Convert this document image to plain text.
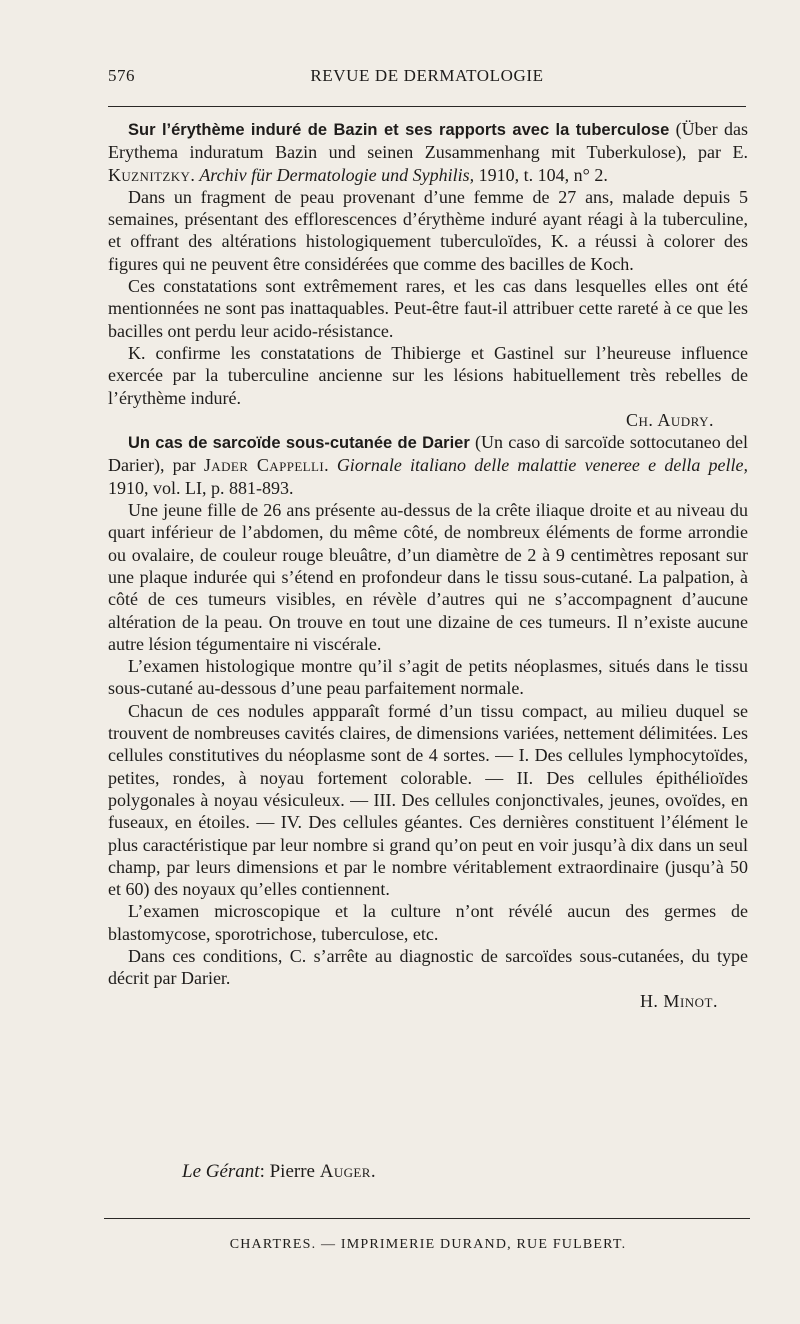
576	REVUE DE DERMATOLOGIE

Sur l’érythème induré de Bazin et ses rapports avec la tuberculose (Über das Erythema induratum Bazin und seinen Zusammenhang mit Tuberkulose), par E. Kuznitzky. Archiv für Dermatologie und Syphilis, 1910, t. 104, n° 2.

Dans un fragment de peau provenant d’une femme de 27 ans, malade depuis 5 semaines, présentant des efflorescences d’érythème induré ayant réagi à la tuberculine, et offrant des altérations histologiquement tuberculoïdes, K. a réussi à colorer des figures qui ne peuvent être considérées que comme des bacilles de Koch.

Ces constatations sont extrêmement rares, et les cas dans lesquelles elles ont été mentionnées ne sont pas inattaquables. Peut-être faut-il attribuer cette rareté à ce que les bacilles ont perdu leur acido-résistance.

K. confirme les constatations de Thibierge et Gastinel sur l’heureuse influence exercée par la tuberculine ancienne sur les lésions habituellement très rebelles de l’érythème induré.

Ch. Audry.

Un cas de sarcoïde sous-cutanée de Darier (Un caso di sarcoïde sottocutaneo del Darier), par Jader Cappelli. Giornale italiano delle malattie veneree e della pelle, 1910, vol. LI, p. 881-893.

Une jeune fille de 26 ans présente au-dessus de la crête iliaque droite et au niveau du quart inférieur de l’abdomen, du même côté, de nombreux éléments de forme arrondie ou ovalaire, de couleur rouge bleuâtre, d’un diamètre de 2 à 9 centimètres reposant sur une plaque indurée qui s’étend en profondeur dans le tissu sous-cutané. La palpation, à côté de ces tumeurs visibles, en révèle d’autres qui ne s’accompagnent d’aucune altération de la peau. On trouve en tout une dizaine de ces tumeurs. Il n’existe aucune autre lésion tégumentaire ni viscérale.

L’examen histologique montre qu’il s’agit de petits néoplasmes, situés dans le tissu sous-cutané au-dessous d’une peau parfaitement normale.

Chacun de ces nodules appparaît formé d’un tissu compact, au milieu duquel se trouvent de nombreuses cavités claires, de dimensions variées, nettement délimitées. Les cellules constitutives du néoplasme sont de 4 sortes. — I. Des cellules lymphocytoïdes, petites, rondes, à noyau fortement colorable. — II. Des cellules épithélioïdes polygonales à noyau vésiculeux. — III. Des cellules conjonctivales, jeunes, ovoïdes, en fuseaux, en étoiles. — IV. Des cellules géantes. Ces dernières constituent l’élément le plus caractéristique par leur nombre si grand qu’on peut en voir jusqu’à dix dans un seul champ, par leurs dimensions et par le nombre véritablement extraordinaire (jusqu’à 50 et 60) des noyaux qu’elles contiennent.

L’examen microscopique et la culture n’ont révélé aucun des germes de blastomycose, sporotrichose, tuberculose, etc.

Dans ces conditions, C. s’arrête au diagnostic de sarcoïdes sous-cutanées, du type décrit par Darier.

H. Minot.
Le Gérant: Pierre Auger.
CHARTRES. — IMPRIMERIE DURAND, RUE FULBERT.
